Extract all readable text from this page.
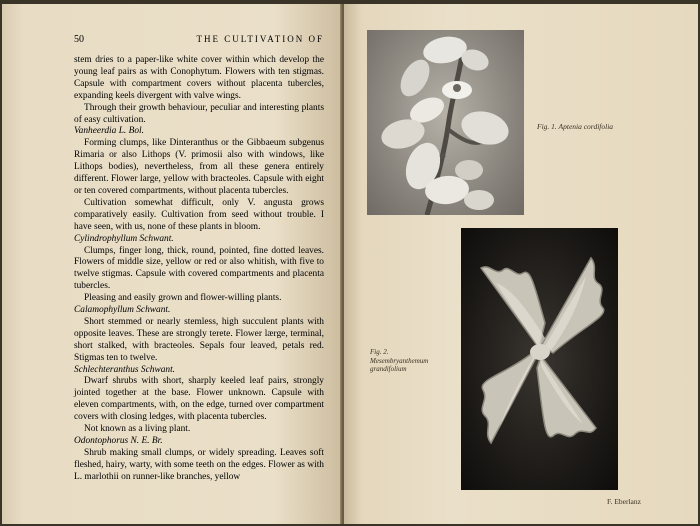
50	THE CULTIVATION OF

stem dries to a paper-like white cover within which develop the young leaf pairs as with Conophytum. Flowers with ten stigmas. Capsule with compartment covers without placenta tubercles, expanding keels divergent with valve wings.

Through their growth behaviour, peculiar and interesting plants of easy cultivation.

Vanheerdia L. Bol.

Forming clumps, like Dinteranthus or the Gibbaeum subgenus Rimaria or also Lithops (V. primosii also with windows, like Lithops bodies), nevertheless, from all these genera entirely different. Flower large, yellow with bracteoles. Capsule with eight or ten covered compartments, without placenta tubercles.

Cultivation somewhat difficult, only V. angusta grows comparatively easily. Cultivation from seed without trouble. I have seen, with us, none of these plants in bloom.

Cylindrophyllum Schwant.

Clumps, finger long, thick, round, pointed, fine dotted leaves. Flowers of middle size, yellow or red or also whitish, with five to twelve stigmas. Capsule with covered compartments and placenta tubercles.

Pleasing and easily grown and flower-willing plants.

Calamophyllum Schwant.

Short stemmed or nearly stemless, high succulent plants with opposite leaves. These are strongly terete. Flower lærge, terminal, short stalked, with bracteoles. Sepals four leaved, petals red. Stigmas ten to twelve.

Schlechteranthus Schwant.

Dwarf shrubs with short, sharply keeled leaf pairs, strongly jointed together at the base. Flower unknown. Capsule with eleven compartments, with, on the edge, turned over compartment covers with closing ledges, with placenta tubercles.

Not known as a living plant.

Odontophorus N. E. Br.

Shrub making small clumps, or widely spreading. Leaves soft fleshed, hairy, warty, with some teeth on the edges. Flower as with L. marlothii on runner-like branches, yellow

Fig. 1. Aptenia cordifolia
Fig. 2.
Mesembryanthemum
grandifolium
F. Eberlanz
